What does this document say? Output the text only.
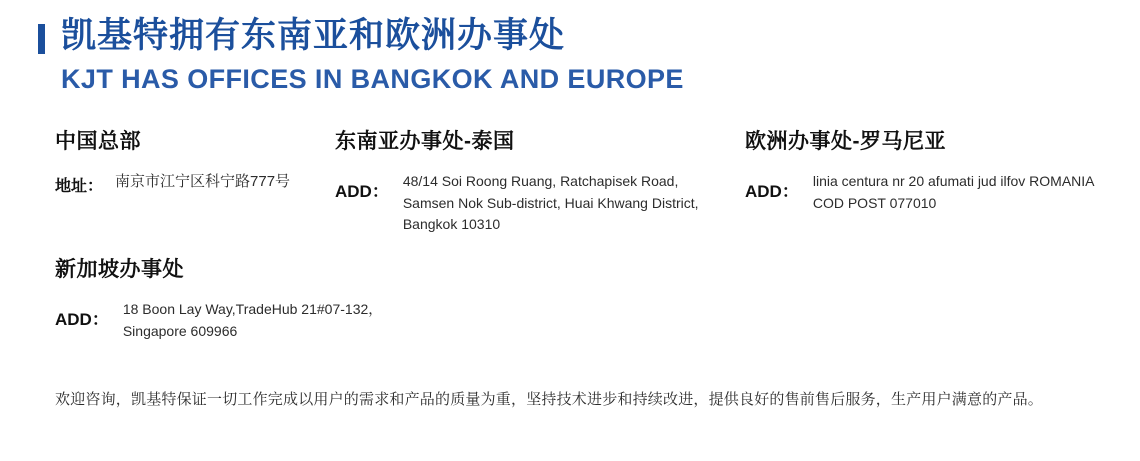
凯基特拥有东南亚和欧洲办事处
KJT HAS OFFICES IN BANGKOK AND EUROPE
中国总部
地址： 南京市江宁区科宁路777号
东南亚办事处-泰国
ADD：
48/14 Soi Roong Ruang, Ratchapisek Road, Samsen Nok Sub-district, Huai Khwang District, Bangkok 10310
欧洲办事处-罗马尼亚
ADD：
linia centura nr 20 afumati jud ilfov ROMANIA COD POST 077010
新加坡办事处
ADD：
18 Boon Lay Way,TradeHub 21#07-132，Singapore 609966
欢迎咨询，凯基特保证一切工作完成以用户的需求和产品的质量为重，坚持技术进步和持续改进，提供良好的售前售后服务，生产用户满意的产品。
